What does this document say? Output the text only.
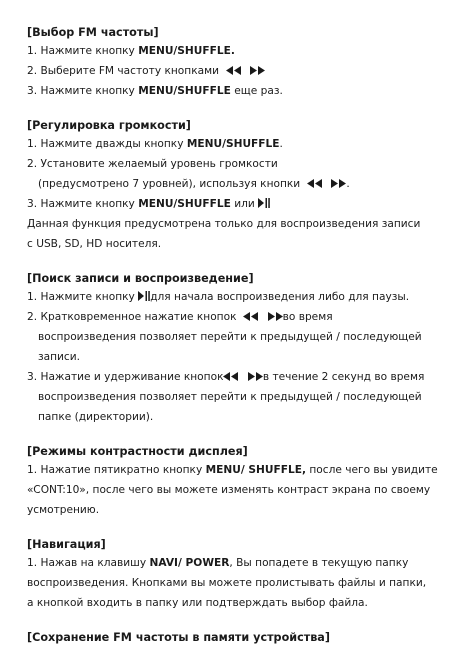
[Выбор FM частоты]
1. Нажмите кнопку MENU/SHUFFLE.
2. Выберите FM частоту кнопками

3. Нажмите кнопку MENU/SHUFFLE еще раз.
[Регулировка громкости]
1. Нажмите дважды кнопку MENU/SHUFFLE.
2. Установите желаемый уровень громкости
(предусмотрено 7 уровней), используя кнопки
	.
3. Нажмите кнопку MENU/SHUFFLE или
Данная функция предусмотрена только для воспроизведения записи
с USB, SD, HD носителя.
[Поиск записи и воспроизведение]
1. Нажмите кнопку
для начала воспроизведения либо для паузы.
2. Кратковременное нажатие кнопок
	во время
воспроизведения позволяет перейти к предыдущей / последующей
записи.
3. Нажатие и удерживание кнопок
	в течение 2 секунд во время
воспроизведения позволяет перейти к предыдущей / последующей
папке (директории).
[Режимы контрастности дисплея]
1. Нажатие пятикратно кнопку MENU/ SHUFFLE, после чего вы увидите
«CONT:10», после чего вы можете изменять контраст экрана по своему
усмотрению.
[Навигация]
1. Нажав на клавишу NAVI/ POWER, Вы попадете в текущую папку
воспроизведения. Кнопками вы можете пролистывать файлы и папки,
а кнопкой входить в папку или подтверждать выбор файла.
[Сохранение FM частоты в памяти устройства]
